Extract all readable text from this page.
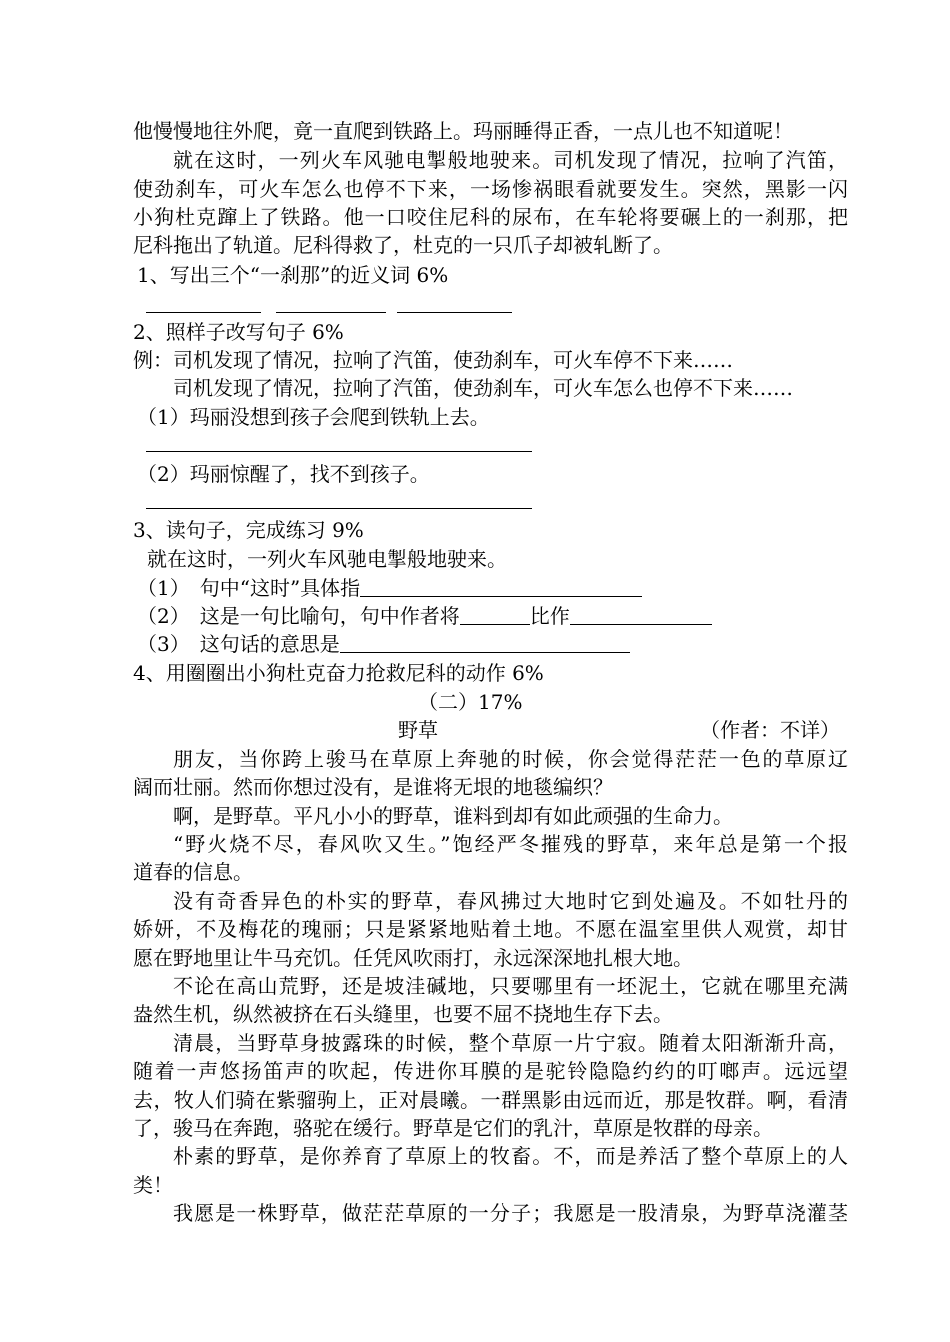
他慢慢地往外爬，竟一直爬到铁路上。玛丽睡得正香，一点儿也不知道呢！
就在这时，一列火车风驰电掣般地驶来。司机发现了情况，拉响了汽笛，
使劲刹车，可火车怎么也停不下来，一场惨祸眼看就要发生。突然，黑影一闪
小狗杜克蹿上了铁路。他一口咬住尼科的尿布，在车轮将要碾上的一刹那，把
尼科拖出了轨道。尼科得救了，杜克的一只爪子却被轧断了。
1、写出三个“一刹那”的近义词 6%
2、照样子改写句子 6%
例：司机发现了情况，拉响了汽笛，使劲刹车，可火车停不下来……
司机发现了情况，拉响了汽笛，使劲刹车，可火车怎么也停不下来……
（1）玛丽没想到孩子会爬到铁轨上去。
（2）玛丽惊醒了，找不到孩子。
3、读句子，完成练习 9%
就在这时，一列火车风驰电掣般地驶来。
（1）　句中“这时”具体指
（2）　这是一句比喻句，句中作者将	比作
（3）　这句话的意思是
4、用圈圈出小狗杜克奋力抢救尼科的动作 6%
（二）17%
野草	（作者：不详）
朋友，当你跨上骏马在草原上奔驰的时候，你会觉得茫茫一色的草原辽
阔而壮丽。然而你想过没有，是谁将无垠的地毯编织？
啊，是野草。平凡小小的野草，谁料到却有如此顽强的生命力。
“野火烧不尽，春风吹又生。”饱经严冬摧残的野草，来年总是第一个报
道春的信息。
没有奇香异色的朴实的野草，春风拂过大地时它到处遍及。不如牡丹的
娇妍，不及梅花的瑰丽；只是紧紧地贴着土地。不愿在温室里供人观赏，却甘
愿在野地里让牛马充饥。任凭风吹雨打，永远深深地扎根大地。
不论在高山荒野，还是坡洼碱地，只要哪里有一坯泥土，它就在哪里充满
盎然生机，纵然被挤在石头缝里，也要不屈不挠地生存下去。
清晨，当野草身披露珠的时候，整个草原一片宁寂。随着太阳渐渐升高，
随着一声悠扬笛声的吹起，传进你耳膜的是驼铃隐隐约约的叮啷声。远远望
去，牧人们骑在紫骝驹上，正对晨曦。一群黑影由远而近，那是牧群。啊，看清
了，骏马在奔跑，骆驼在缓行。野草是它们的乳汁，草原是牧群的母亲。
朴素的野草，是你养育了草原上的牧畜。不，而是养活了整个草原上的人
类！
我愿是一株野草，做茫茫草原的一分子；我愿是一股清泉，为野草浇灌茎
